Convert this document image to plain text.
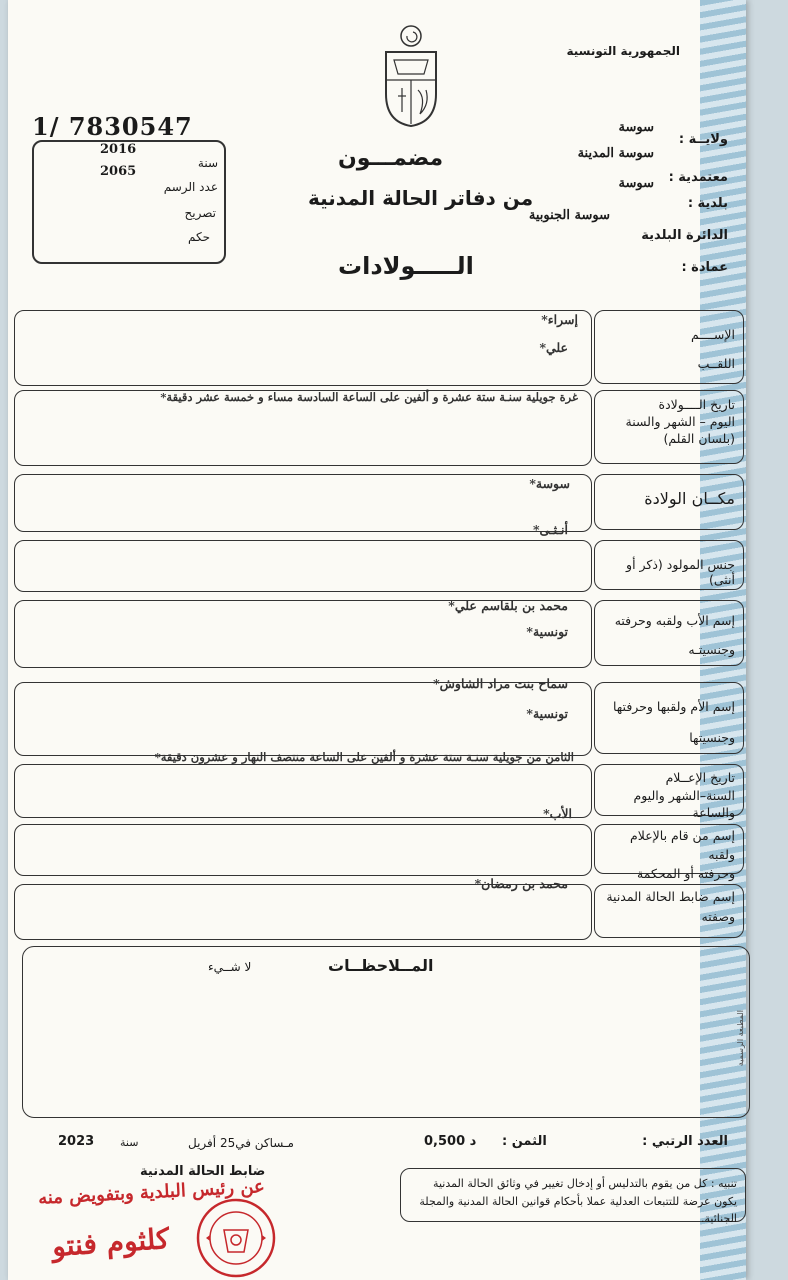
الجمهورية التونسية
ولايــة :
سوسة
معتمدية :
سوسة المدينة
بلدية :
سوسة
الدائرة البلدية
سوسة الجنوبية
عمادة :
مضمـــون
من دفاتر الحالة المدنية
الـــــولادات
1/ 7830547
2016
سنة
2065
عدد الرسم
تصريح
حكم
الإســــم
اللقــب
إسراء*
علي*
تاريخ الــــولادة
اليوم – الشهر والسنة
(بلسان القلم)
غرة جويلية سنـة ستة عشرة و ألفين على الساعة السادسة مساء و خمسة عشر دقيقة*
مكــان الولادة
سوسة*
أنـثـى*
جنس المولود (ذكر أو أنثى)
إسم الأب ولقبه وحرفته
وجنسيتـه
محمد بن بلقاسم علي*
تونسية*
إسم الأم ولقبها وحرفتها
وجنسيتها
سماح بنت مراد الشاوش*
تونسية*
تاريخ الإعــلام
السنة–الشهر واليوم والساعة
الثامن من جويلية سنـة ستة عشرة و ألفين على الساعة منتصف النهار و عشرون دقيقة*
إسم من قام بالإعلام ولقبه
وحرفته أو المحكمة
الأب*
إسم ضابط الحالة المدنية
وصفته
محمد بن رمضان*
المــلاحظــات
لا شــيء
المطبعة الرسمية
العدد الرتبي :
الثمن :
0,500 د
مـساكن في25 أفريل
سنة
2023
ضابط الحالة المدنية
تنبيه : كل من يقوم بالتدليس أو إدخال تغيير في وثائق الحالة المدنية يكون عرضة للتتبعات العدلية عملا بأحكام قوانين الحالة المدنية والمجلة الجنائية.
عن رئيس البلدية وبتفويض منه
كلثوم فنتو
